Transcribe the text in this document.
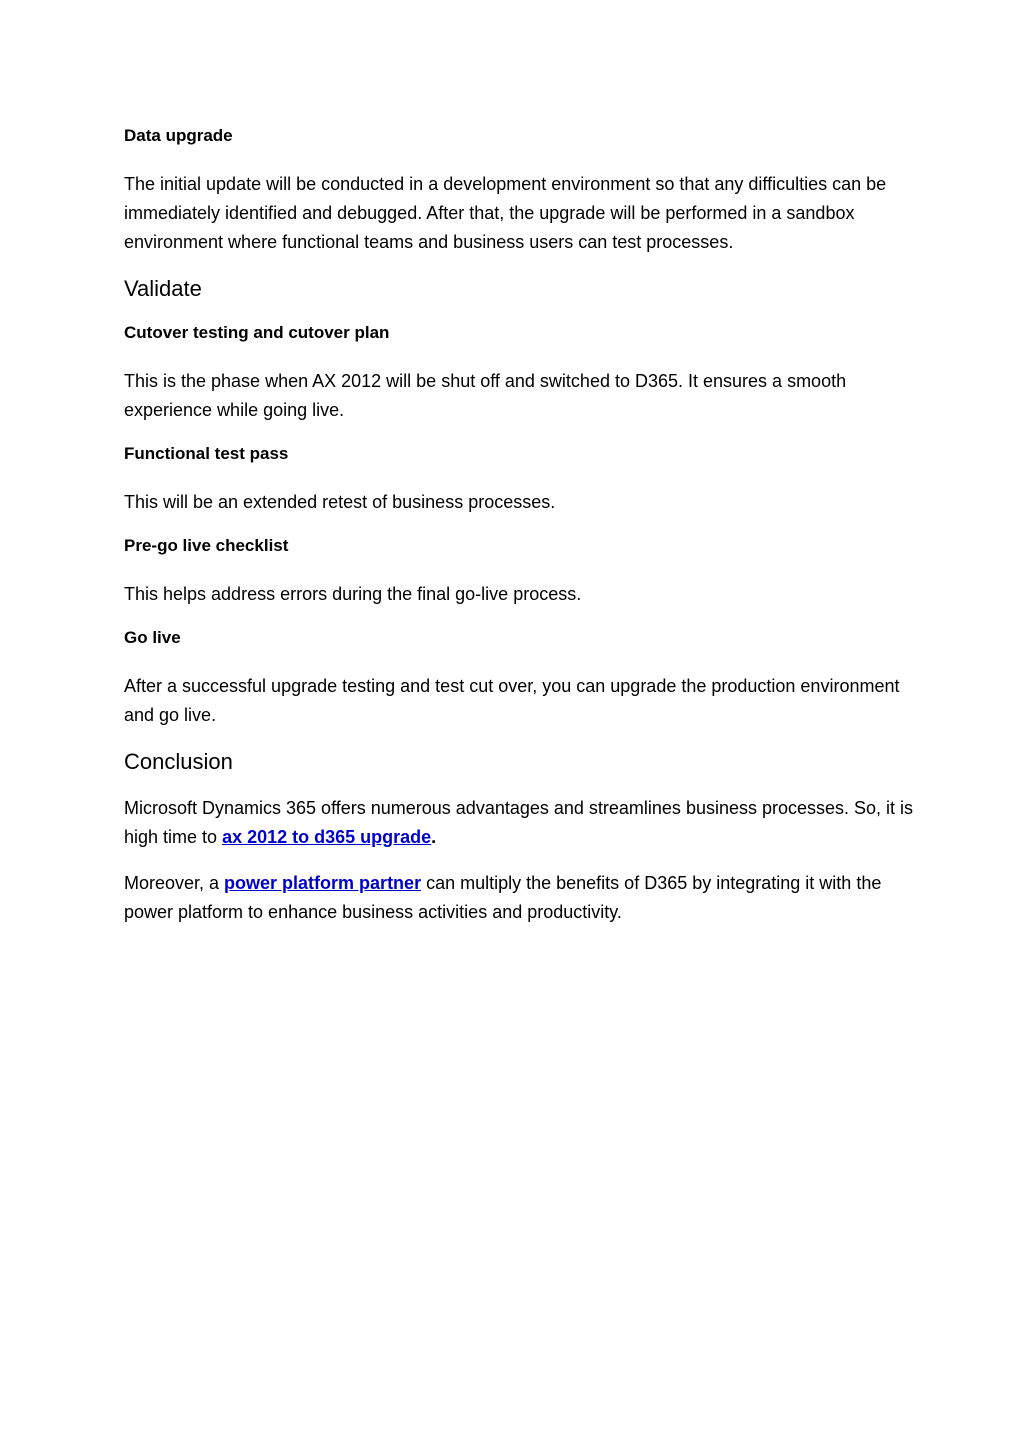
Data upgrade

The initial update will be conducted in a development environment so that any difficulties can be immediately identified and debugged. After that, the upgrade will be performed in a sandbox environment where functional teams and business users can test processes.

Validate
Cutover testing and cutover plan

This is the phase when AX 2012 will be shut off and switched to D365. It ensures a smooth experience while going live.

Functional test pass

This will be an extended retest of business processes.

Pre-go live checklist

This helps address errors during the final go-live process.

Go live

After a successful upgrade testing and test cut over, you can upgrade the production environment and go live.

Conclusion

Microsoft Dynamics 365 offers numerous advantages and streamlines business processes. So, it is high time to ax 2012 to d365 upgrade.

Moreover, a power platform partner can multiply the benefits of D365 by integrating it with the power platform to enhance business activities and productivity.
